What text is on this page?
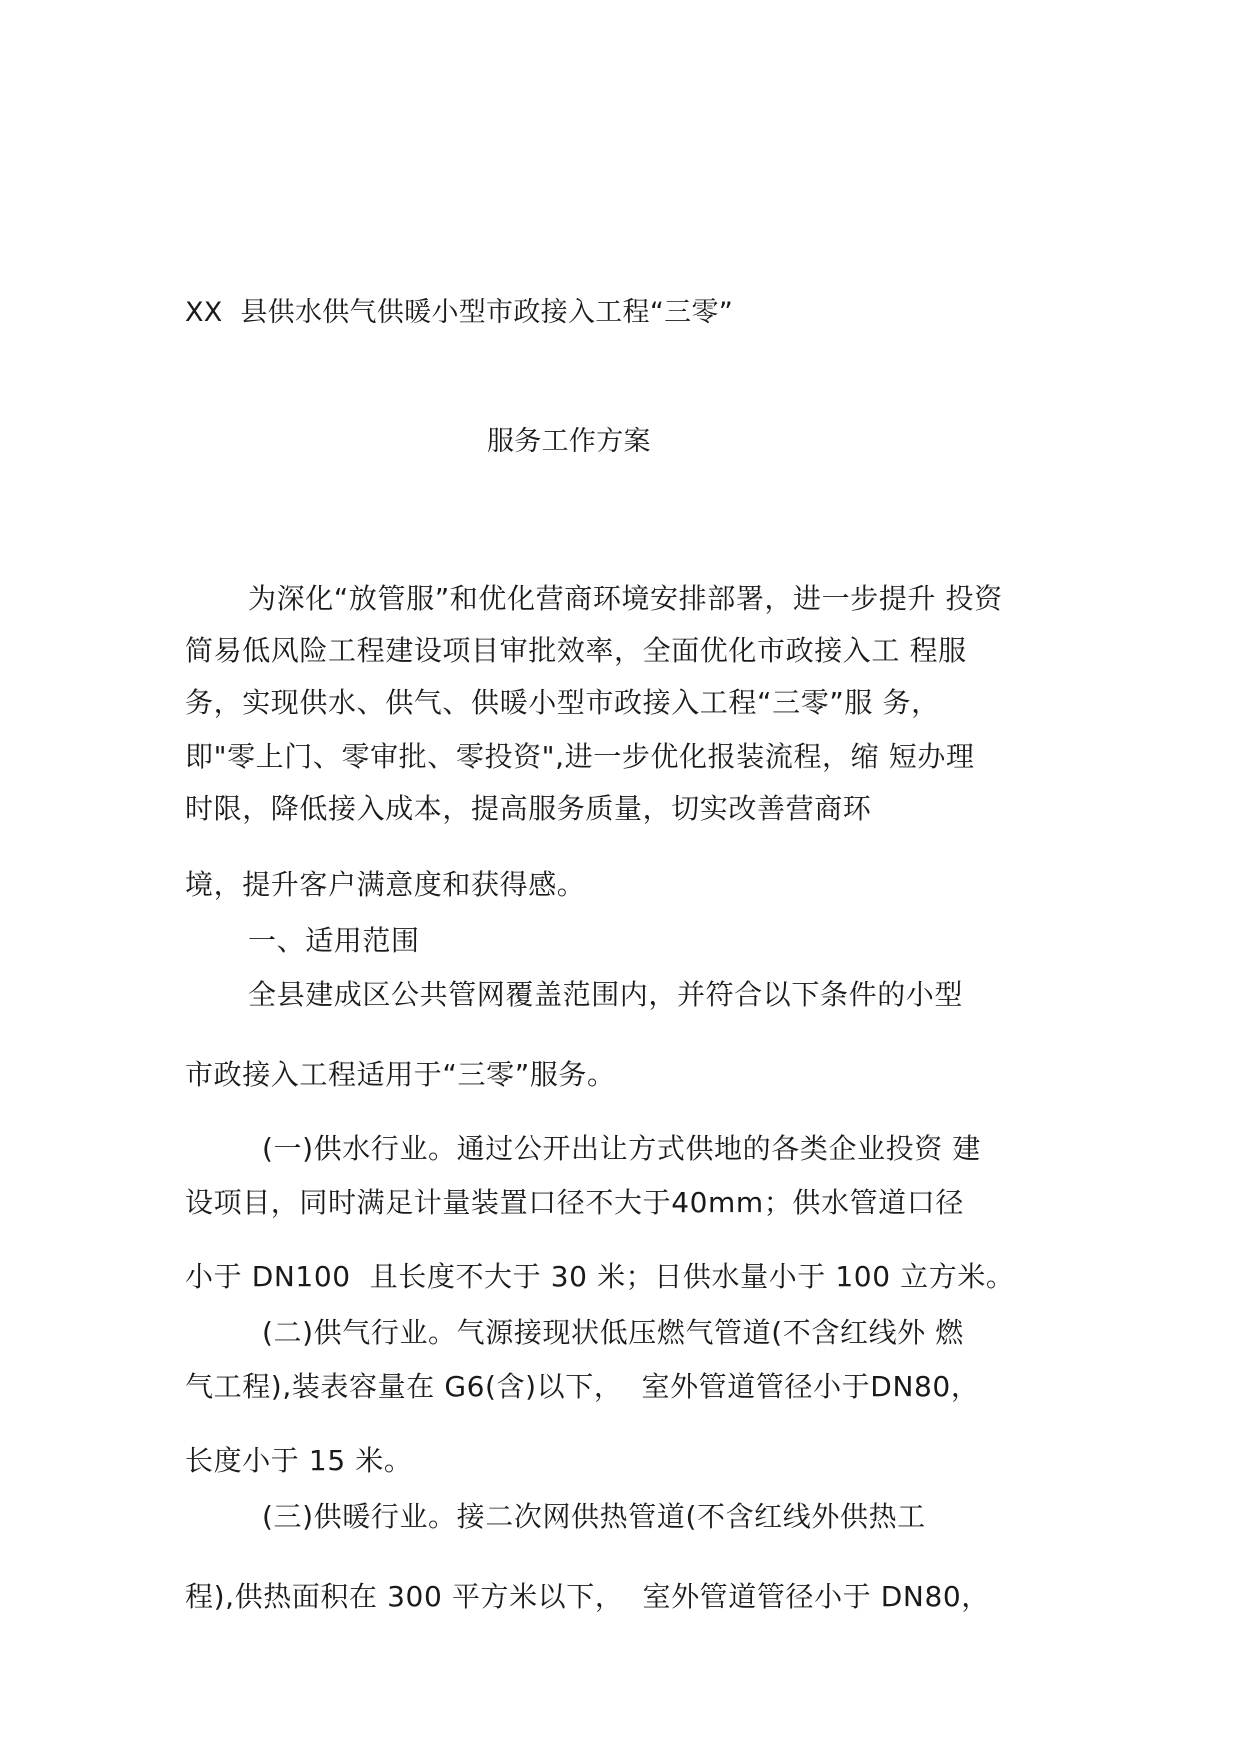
XX  县供水供气供暖小型市政接入工程“三零”
服务工作方案
为深化“放管服”和优化营商环境安排部署，进一步提升 投资
简易低风险工程建设项目审批效率，全面优化市政接入工 程服
务，实现供水、供气、供暖小型市政接入工程“三零”服 务，
即"零上门、零审批、零投资",进一步优化报装流程，缩 短办理
时限，降低接入成本，提高服务质量，切实改善营商环
境，提升客户满意度和获得感。
一、适用范围
全县建成区公共管网覆盖范围内，并符合以下条件的小型
市政接入工程适用于“三零”服务。
(一)供水行业。通过公开出让方式供地的各类企业投资 建
设项目，同时满足计量装置口径不大于40mm；供水管道口径
小于 DN100  且长度不大于 30 米；日供水量小于 100 立方米。
(二)供气行业。气源接现状低压燃气管道(不含红线外 燃
气工程),装表容量在 G6(含)以下，  室外管道管径小于DN80，
长度小于 15 米。
(三)供暖行业。接二次网供热管道(不含红线外供热工
程),供热面积在 300 平方米以下，  室外管道管径小于 DN80，
